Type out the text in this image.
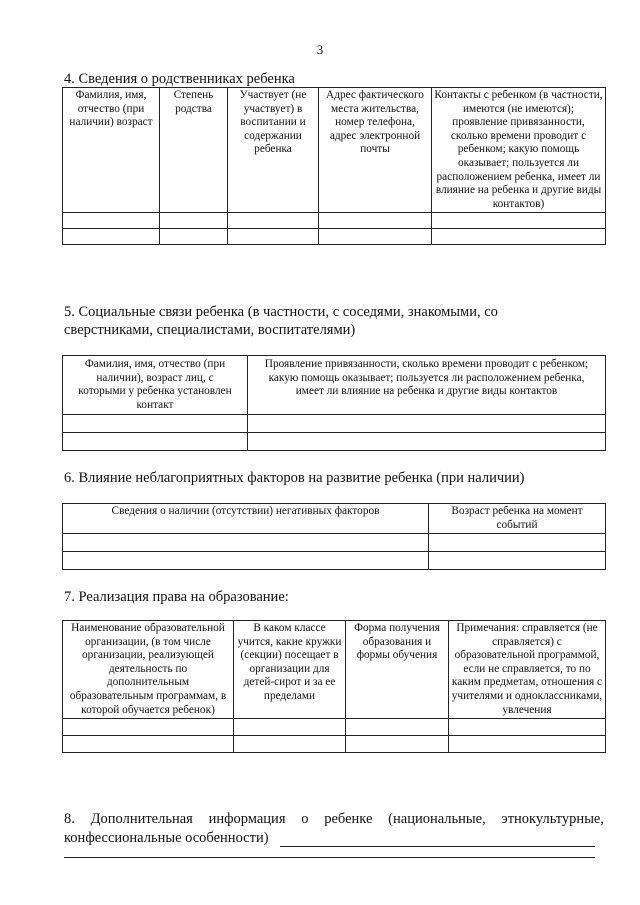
3
4. Сведения о родственниках ребенка
Фамилия, имя, отчество (при наличии) возраст	Степень родства	Участвует (не участвует) в воспитании и содержании ребенка	Адрес фактического места жительства, номер телефона, адрес электронной почты	Контакты с ребенком (в частности, имеются (не имеются); проявление привязанности, сколько времени проводит с ребенком; какую помощь оказывает; пользуется ли расположением ребенка, имеет ли влияние на ребенка и другие виды контактов)

5. Социальные связи ребенка (в частности, с соседями, знакомыми, со
сверстниками, специалистами, воспитателями)
Фамилия, имя, отчество (при наличии), возраст лиц, с которыми у ребенка установлен контакт	Проявление привязанности, сколько времени проводит с ребенком; какую помощь оказывает; пользуется ли расположением ребенка, имеет ли влияние на ребенка и другие виды контактов

6. Влияние неблагоприятных факторов на развитие ребенка (при наличии)
Сведения о наличии (отсутствии) негативных факторов	Возраст ребенка на момент событий

7. Реализация права на образование:
Наименование образовательной организации, (в том числе организации, реализующей деятельность по дополнительным образовательным программам, в которой обучается ребенок)	В каком классе учится, какие кружки (секции) посещает в организации для детей-сирот и за ее пределами	Форма получения образования и формы обучения	Примечания: справляется (не справляется) с образовательной программой, если не справляется, то по каким предметам, отношения с учителями и одноклассниками, увлечения

8. Дополнительная информация о ребенке (национальные, этнокультурные,
конфессиональные особенности)
